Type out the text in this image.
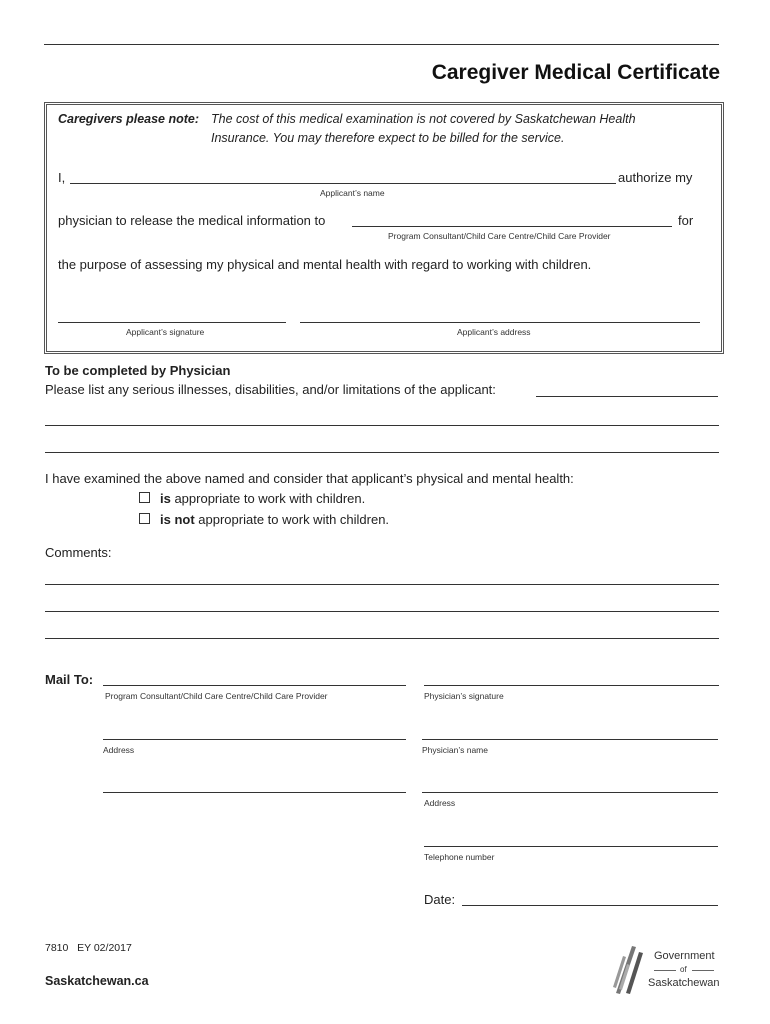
Caregiver Medical Certificate
Caregivers please note: The cost of this medical examination is not covered by Saskatchewan Health
Insurance. You may therefore expect to be billed for the service.
I,	authorize my
Applicant’s name
physician to release the medical information to	for
Program Consultant/Child Care Centre/Child Care Provider
the purpose of assessing my physical and mental health with regard to working with children.
Applicant’s signature	Applicant’s address
To be completed by Physician
Please list any serious illnesses, disabilities, and/or limitations of the applicant:
I have examined the above named and consider that applicant’s physical and mental health:
is appropriate to work with children.
is not appropriate to work with children.
Comments:
Mail To:
Program Consultant/Child Care Centre/Child Care Provider	Physician’s signature
Address	Physician’s name
Address
Telephone number
Date:
7810   EY 02/2017
Saskatchewan.ca
Government
of
Saskatchewan
